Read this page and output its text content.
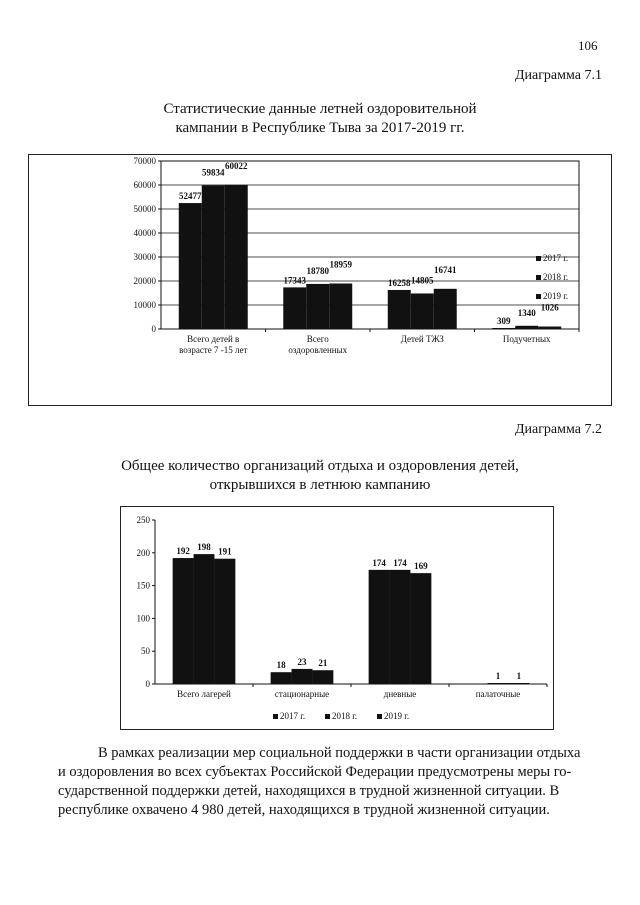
106
Диаграмма 7.1
Статистические данные летней оздоровительной
кампании в Республике Тыва за 2017-2019 гг.
0
10000
20000
30000
40000
50000
60000
70000
Всего детей в
возрасте 7 -15 лет
52477
59834
60022
Всего
оздоровленных
17343
18780
18959
Детей ТЖЗ
16258 14805
16741
Подучетных
309
1340
1026
2017 г.
2018 г.
2019 г.
Диаграмма 7.2
Общее количество организаций отдыха и оздоровления детей,
открывшихся в летнюю кампанию
0
50
100
150
200
250
Всего лагерей
192 198 191
стационарные
18 23 21
дневные
174 174 169
палаточные
1 1
2017 г.	2018 г.	2019 г.
В рамках реализации мер социальной поддержки в части организации отдыха
и оздоровления во всех субъектах Российской Федерации предусмотрены меры го-
сударственной поддержки детей, находящихся в трудной жизненной ситуации. В
республике охвачено 4 980 детей, находящихся в трудной жизненной ситуации.
